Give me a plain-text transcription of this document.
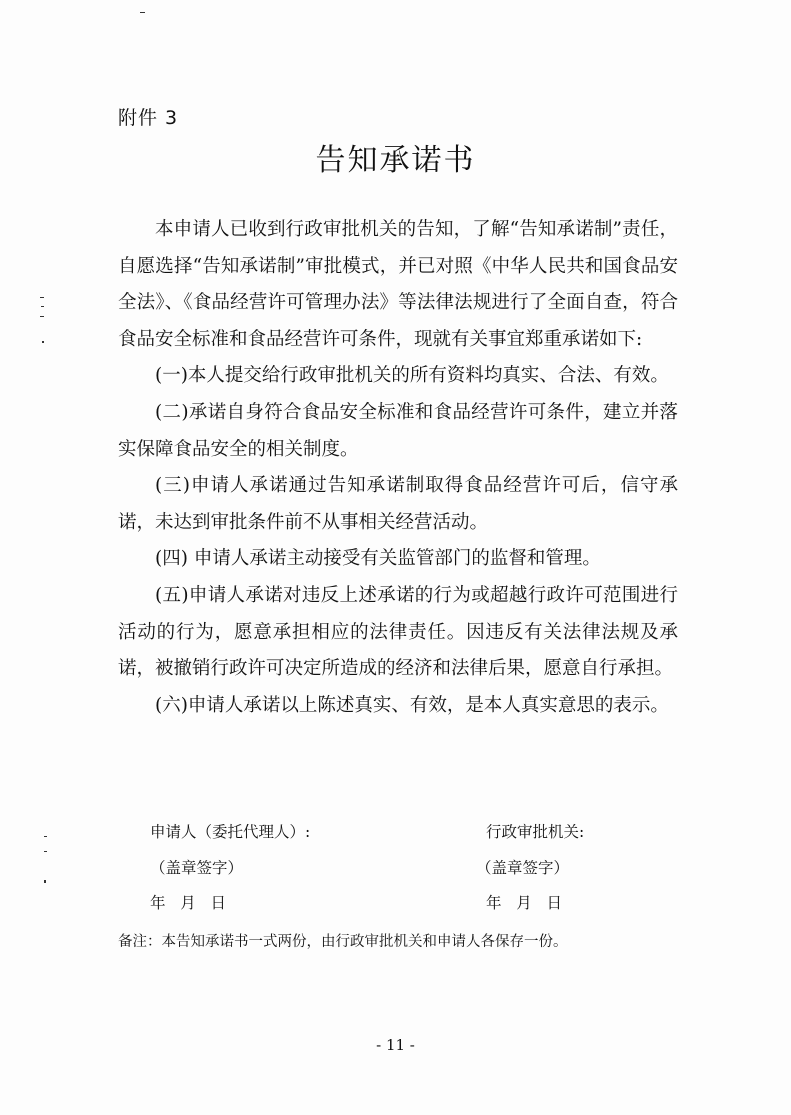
附件 3
告知承诺书

本申请人已收到行政审批机关的告知，了解“告知承诺制”责任，自愿选择“告知承诺制”审批模式，并已对照《中华人民共和国食品安全法》、《食品经营许可管理办法》等法律法规进行了全面自查，符合食品安全标准和食品经营许可条件，现就有关事宜郑重承诺如下:

(一)本人提交给行政审批机关的所有资料均真实、合法、有效。

(二)承诺自身符合食品安全标准和食品经营许可条件，建立并落实保障食品安全的相关制度。

(三)申请人承诺通过告知承诺制取得食品经营许可后，信守承诺，未达到审批条件前不从事相关经营活动。

(四) 申请人承诺主动接受有关监管部门的监督和管理。

(五)申请人承诺对违反上述承诺的行为或超越行政许可范围进行活动的行为，愿意承担相应的法律责任。因违反有关法律法规及承诺，被撤销行政许可决定所造成的经济和法律后果，愿意自行承担。

(六)申请人承诺以上陈述真实、有效，是本人真实意思的表示。

申请人（委托代理人）:	行政审批机关:
（盖章签字）	（盖章签字）
年   月   日	年   月   日
备注：本告知承诺书一式两份，由行政审批机关和申请人各保存一份。
- 11 -
